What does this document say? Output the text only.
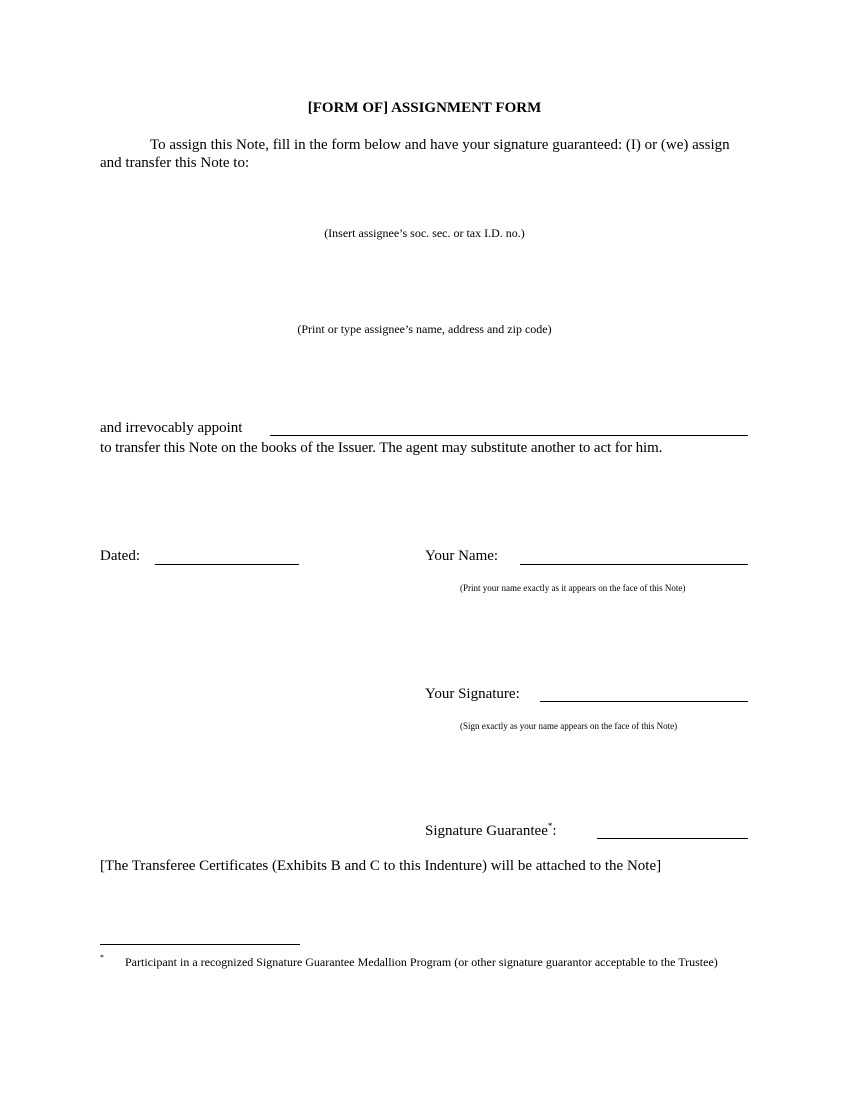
[FORM OF] ASSIGNMENT FORM
To assign this Note, fill in the form below and have your signature guaranteed: (I) or (we) assign and transfer this Note to:
(Insert assignee’s soc. sec. or tax I.D. no.)
(Print or type assignee’s name, address and zip code)
and irrevocably appoint
to transfer this Note on the books of the Issuer. The agent may substitute another to act for him.
Dated:	Your Name:
(Print your name exactly as it appears on the face of this Note)
Your Signature:
(Sign exactly as your name appears on the face of this Note)
Signature Guarantee*:
[The Transferee Certificates (Exhibits B and C to this Indenture) will be attached to the Note]
* Participant in a recognized Signature Guarantee Medallion Program (or other signature guarantor acceptable to the Trustee)
